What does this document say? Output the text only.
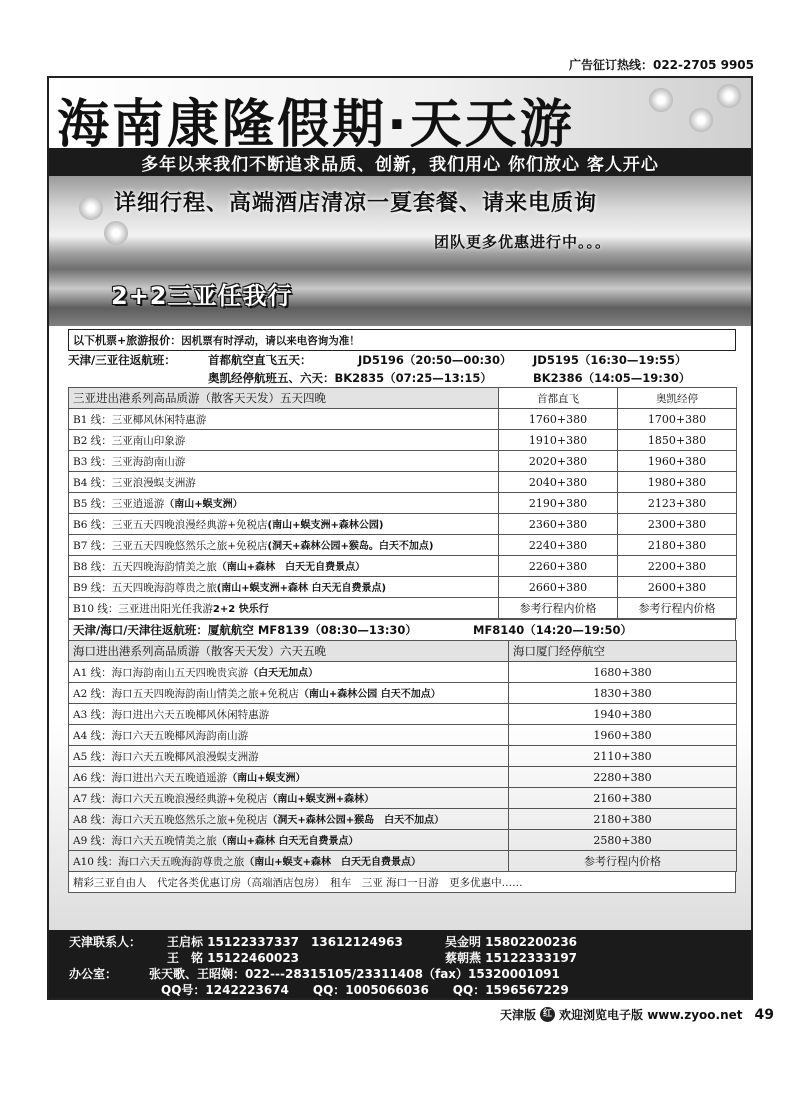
广告征订热线：022-2705 9905
海南康隆假期·天天游
多年以来我们不断追求品质、创新，我们用心 你们放心 客人开心
详细行程、高端酒店清凉一夏套餐、请来电质询
团队更多优惠进行中。。。
2+2三亚任我行
以下机票+旅游报价： 因机票有时浮动，请以来电咨询为准！
天津/三亚往返航班：	首都航空直飞五天：	JD5196（20:50—00:30）	JD5195（16:30—19:55）
奥凯经停航班五、六天：BK2835（07:25—13:15）	BK2386（14:05—19:30）
三亚进出港系列高品质游（散客天天发）五天四晚	首都直飞	奥凯经停
B1 线：三亚椰风休闲特惠游	1760+380	1700+380
B2 线：三亚南山印象游	1910+380	1850+380
B3 线：三亚海韵南山游	2020+380	1960+380
B4 线：三亚浪漫蜈支洲游	2040+380	1980+380
B5 线：三亚逍遥游（南山+蜈支洲）	2190+380	2123+380
B6 线：三亚五天四晚浪漫经典游+免税店(南山+蜈支洲+森林公园)	2360+380	2300+380
B7 线：三亚五天四晚悠然乐之旅+免税店(洞天+森林公园+猴岛。白天不加点)	2240+380	2180+380
B8 线：五天四晚海韵情美之旅（南山+森林　白天无自费景点）	2260+380	2200+380
B9 线：五天四晚海韵尊贵之旅(南山+蜈支洲+森林 白天无自费景点)	2660+380	2600+380
B10 线：三亚进出阳光任我游2+2 快乐行	参考行程内价格	参考行程内价格
天津/海口/天津往返航班：厦航航空 MF8139（08:30—13:30）	MF8140（14:20—19:50）
海口进出港系列高品质游（散客天天发）六天五晚	海口厦门经停航空
A1 线：海口海韵南山五天四晚贵宾游（白天无加点）	1680+380
A2 线：海口五天四晚海韵南山情美之旅+免税店（南山+森林公园 白天不加点）	1830+380
A3 线：海口进出六天五晚椰风休闲特惠游	1940+380
A4 线：海口六天五晚椰风海韵南山游	1960+380
A5 线：海口六天五晚椰风浪漫蜈支洲游	2110+380
A6 线：海口进出六天五晚逍遥游（南山+蜈支洲）	2280+380
A7 线：海口六天五晚浪漫经典游+免税店（南山+蜈支洲+森林）	2160+380
A8 线：海口六天五晚悠然乐之旅+免税店（洞天+森林公园+猴岛　白天不加点）	2180+380
A9 线：海口六天五晚情美之旅（南山+森林 白天无自费景点）	2580+380
A10 线：海口六天五晚海韵尊贵之旅（南山+蜈支+森林　白天无自费景点）	参考行程内价格
精彩三亚自由人　代定各类优惠订房（高端酒店包房）　租车　三亚 海口一日游　更多优惠中……
天津联系人： 王启标 15122337337　13612124963	吴金明 15802200236
王　铭 15122460023	蔡朝燕 15122333197
办公室：	张天歌、王昭娴：022---28315105/23311408（fax）15320001091
QQ号：1242223674　　QQ：1005066036　　QQ：1596567229
天津版 红 欢迎浏览电子版 www.zyoo.net 49
